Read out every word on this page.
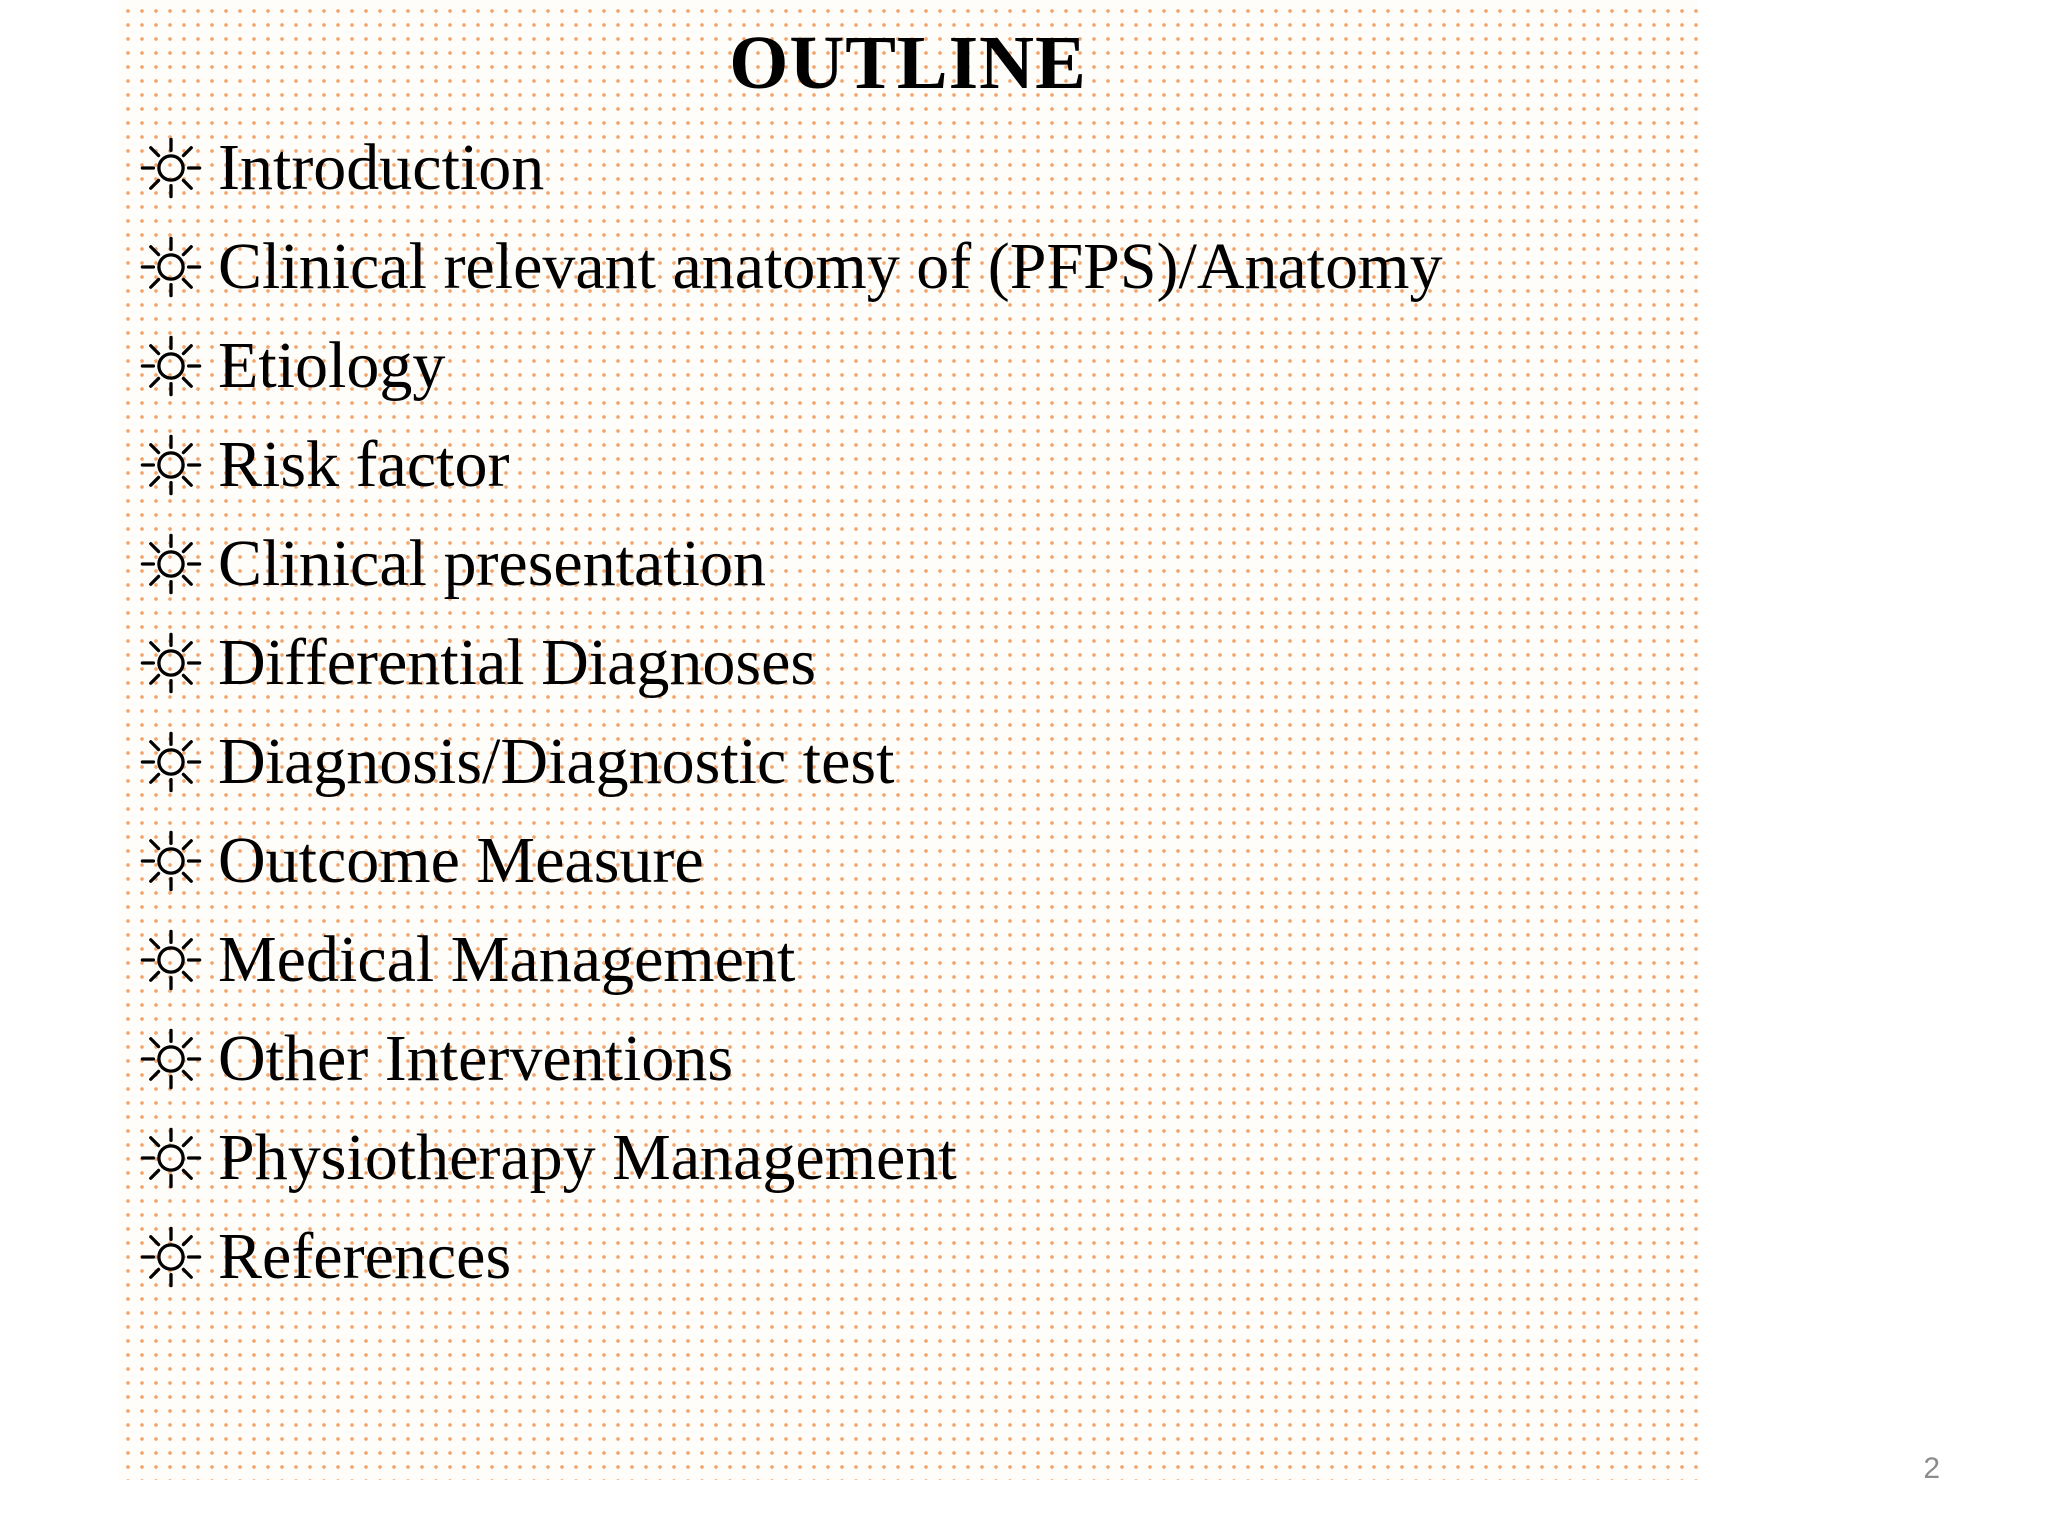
OUTLINE
Introduction
Clinical relevant anatomy of (PFPS)/Anatomy
Etiology
Risk factor
Clinical presentation
Differential Diagnoses
Diagnosis/Diagnostic test
Outcome Measure
Medical Management
Other Interventions
Physiotherapy Management
References
2
